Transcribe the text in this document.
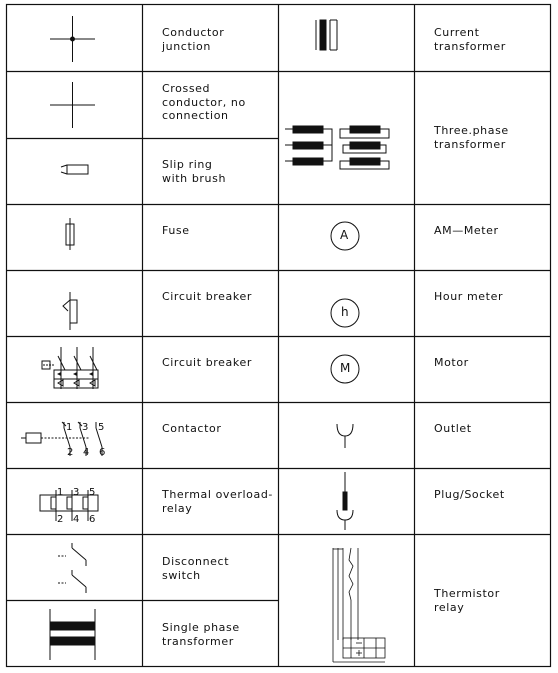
A
h
M
1 3 5
2 4 6
1 3 5
2 4 6
Conductor
junction
Crossed
conductor, no
connection
Slip ring
with brush
Fuse
Circuit breaker
Circuit breaker
Contactor
Thermal overload-
relay
Disconnect
switch
Single phase
transformer
Current
transformer
Three.phase
transformer
AM—Meter
Hour meter
Motor
Outlet
Plug/Socket
Thermistor
relay
